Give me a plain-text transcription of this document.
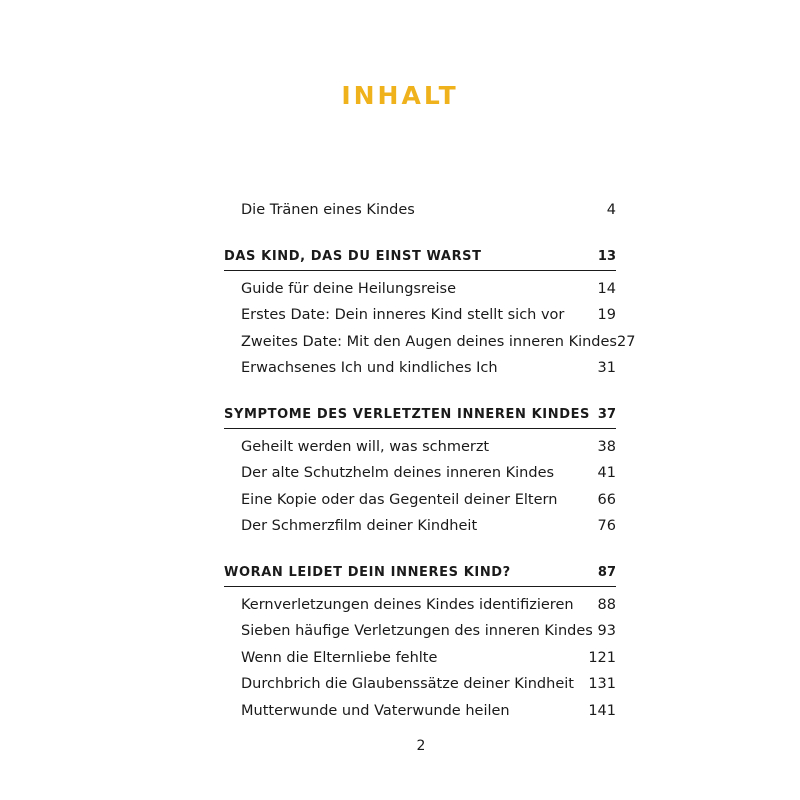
INHALT
Die Tränen eines Kindes	4
DAS KIND, DAS DU EINST WARST	13
Guide für deine Heilungsreise	14
Erstes Date: Dein inneres Kind stellt sich vor 19
Zweites Date: Mit den Augen deines inneren Kindes 27
Erwachsenes Ich und kindliches Ich	31
SYMPTOME DES VERLETZTEN INNEREN KINDES 37
Geheilt werden will, was schmerzt	38
Der alte Schutzhelm deines inneren Kindes	41
Eine Kopie oder das Gegenteil deiner Eltern	66
Der Schmerzfilm deiner Kindheit	76
WORAN LEIDET DEIN INNERES KIND?	87
Kernverletzungen deines Kindes identifizieren 88
Sieben häufige Verletzungen des inneren Kindes 93
Wenn die Elternliebe fehlte	121
Durchbrich die Glaubenssätze deiner Kindheit 131
Mutterwunde und Vaterwunde heilen	141
2
